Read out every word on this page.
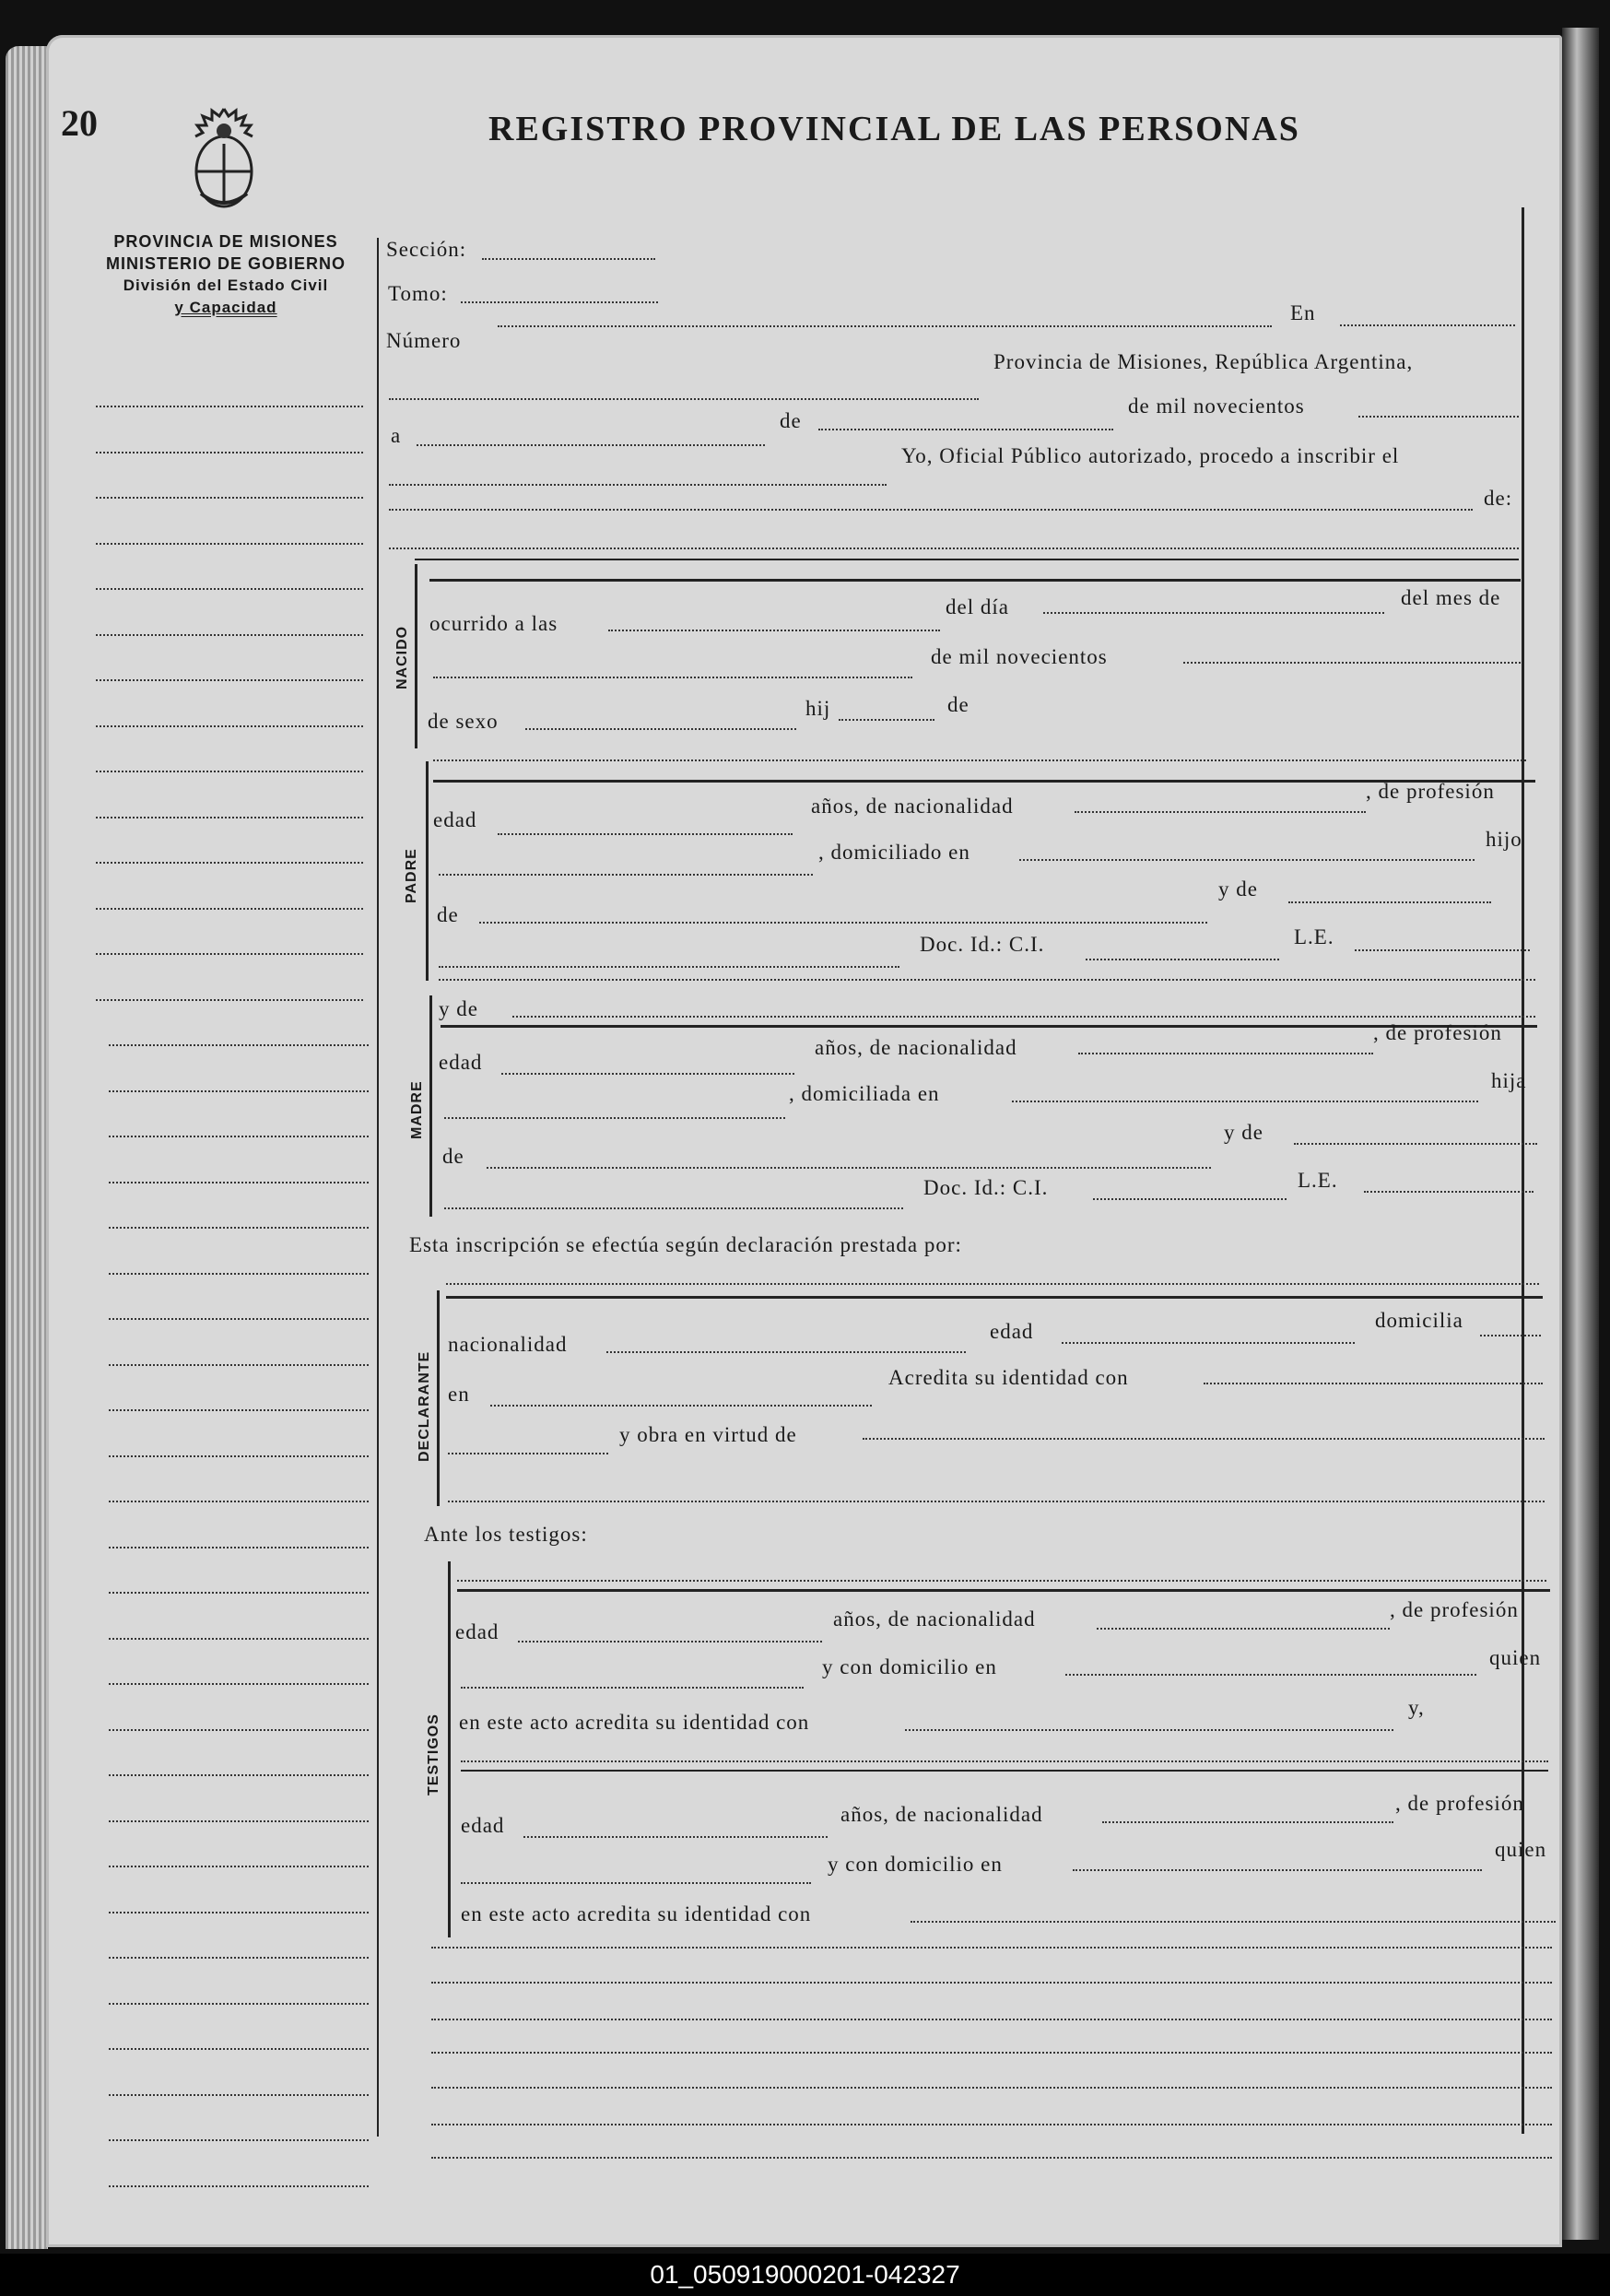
20	REGISTRO PROVINCIAL DE LAS PERSONAS
PROVINCIA DE MISIONES
MINISTERIO DE GOBIERNO
División del Estado Civil
y Capacidad
Sección:
Tomo:
Número
En
Provincia de Misiones, República Argentina,
de mil novecientos
a
de
Yo, Oficial Público autorizado, procedo a inscribir el
de:
NACIDO
ocurrido a las
del día	del mes de
de mil novecientos
de sexo
hij	de
PADRE
edad
años, de nacionalidad
, de profesión
, domiciliado en
hijo
de
y de
Doc. Id.: C.I.	L.E.
MADRE
y de
edad
años, de nacionalidad
, de profesión
, domiciliada en
hija
de
y de
Doc. Id.: C.I.	L.E.
Esta inscripción se efectúa según declaración prestada por:
DECLARANTE
nacionalidad
edad	domicilia
en
Acredita su identidad con
y obra en virtud de
Ante los testigos:
TESTIGOS
edad
años, de nacionalidad	, de profesión
y con domicilio en	quien
en este acto acredita su identidad con
y,
edad	años, de nacionalidad	, de profesión
y con domicilio en
quien
en este acto acredita su identidad con
01_050919000201-042327
